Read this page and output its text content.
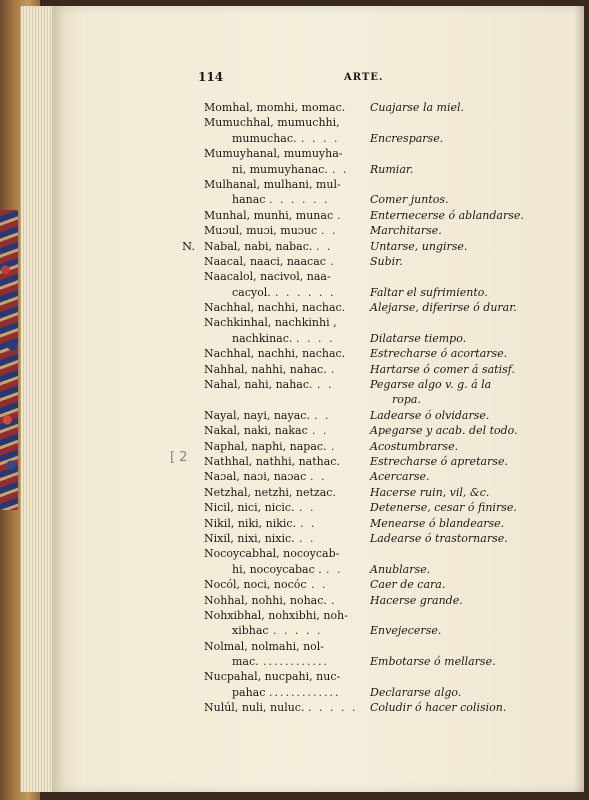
114	ARTE.
[ 2
Momhal, momhi, momac. Cuajarse la miel.
Mumuchhal, mumuchhi,
mumuchac. . . . .	Encresparse.
Mumuyhanal, mumuyha-
ni, mumuyhanac. . . Rumiar.
Mulhanal, mulhani, mul-
hanac . . . . . .	Comer juntos.
Munhal, munhi, munac .	Enternecerse ó ablandarse.
Muɔul, muɔi, muɔuc . .	Marchitarse.
N. Nabal, nabi, nabac. . .	Untarse, ungirse.
Naacal, naaci, naacac .	Subir.
Naacalol, nacivol, naa-
cacyol. . . . . . .	Faltar el sufrimiento.
Nachhal, nachhi, nachac. Alejarse, diferirse ó durar.
Nachkinhal, nachkinhi ,
nachkinac. . . . .	Dilatarse tiempo.
Nachhal, nachhi, nachac. Estrecharse ó acortarse.
Nahhal, nahhi, nahac. .	Hartarse ó comer á satisf.
Nahal, nahi, nahac. . .	Pegarse algo v. g. á la
ropa.
Nayal, nayi, nayac. . .	Ladearse ó olvidarse.
Nakal, naki, nakac . .	Apegarse y acab. del todo.
Naphal, naphi, napac. .	Acostumbrarse.
Nathhal, nathhi, nathac.	Estrecharse ó apretarse.
Naɔal, naɔi, naɔac . .	Acercarse.
Netzhal, netzhi, netzac.	Hacerse ruin, vil, &c.
Nicil, nici, nicic. . .	Detenerse, cesar ó finirse.
Nikil, niki, nikic. . .	Menearse ó blandearse.
Nixil, nixi, nixic. . .	Ladearse ó trastornarse.
Nocoycabhal, nocoycab-
hi, nocoycabac . . .	Anublarse.
Nocól, noci, nocóc . .	Caer de cara.
Nohhal, nohhi, nohac. .	Hacerse grande.
Nohxibhal, nohxibhi, noh-
xibhac . . . . .	Envejecerse.
Nolmal, nolmahi, nol-
mac. ............	Embotarse ó mellarse.
Nucpahal, nucpahi, nuc-
pahac .............	Declararse algo.
Nulúl, nuli, nuluc. . . . . . Coludir ó hacer colision.
